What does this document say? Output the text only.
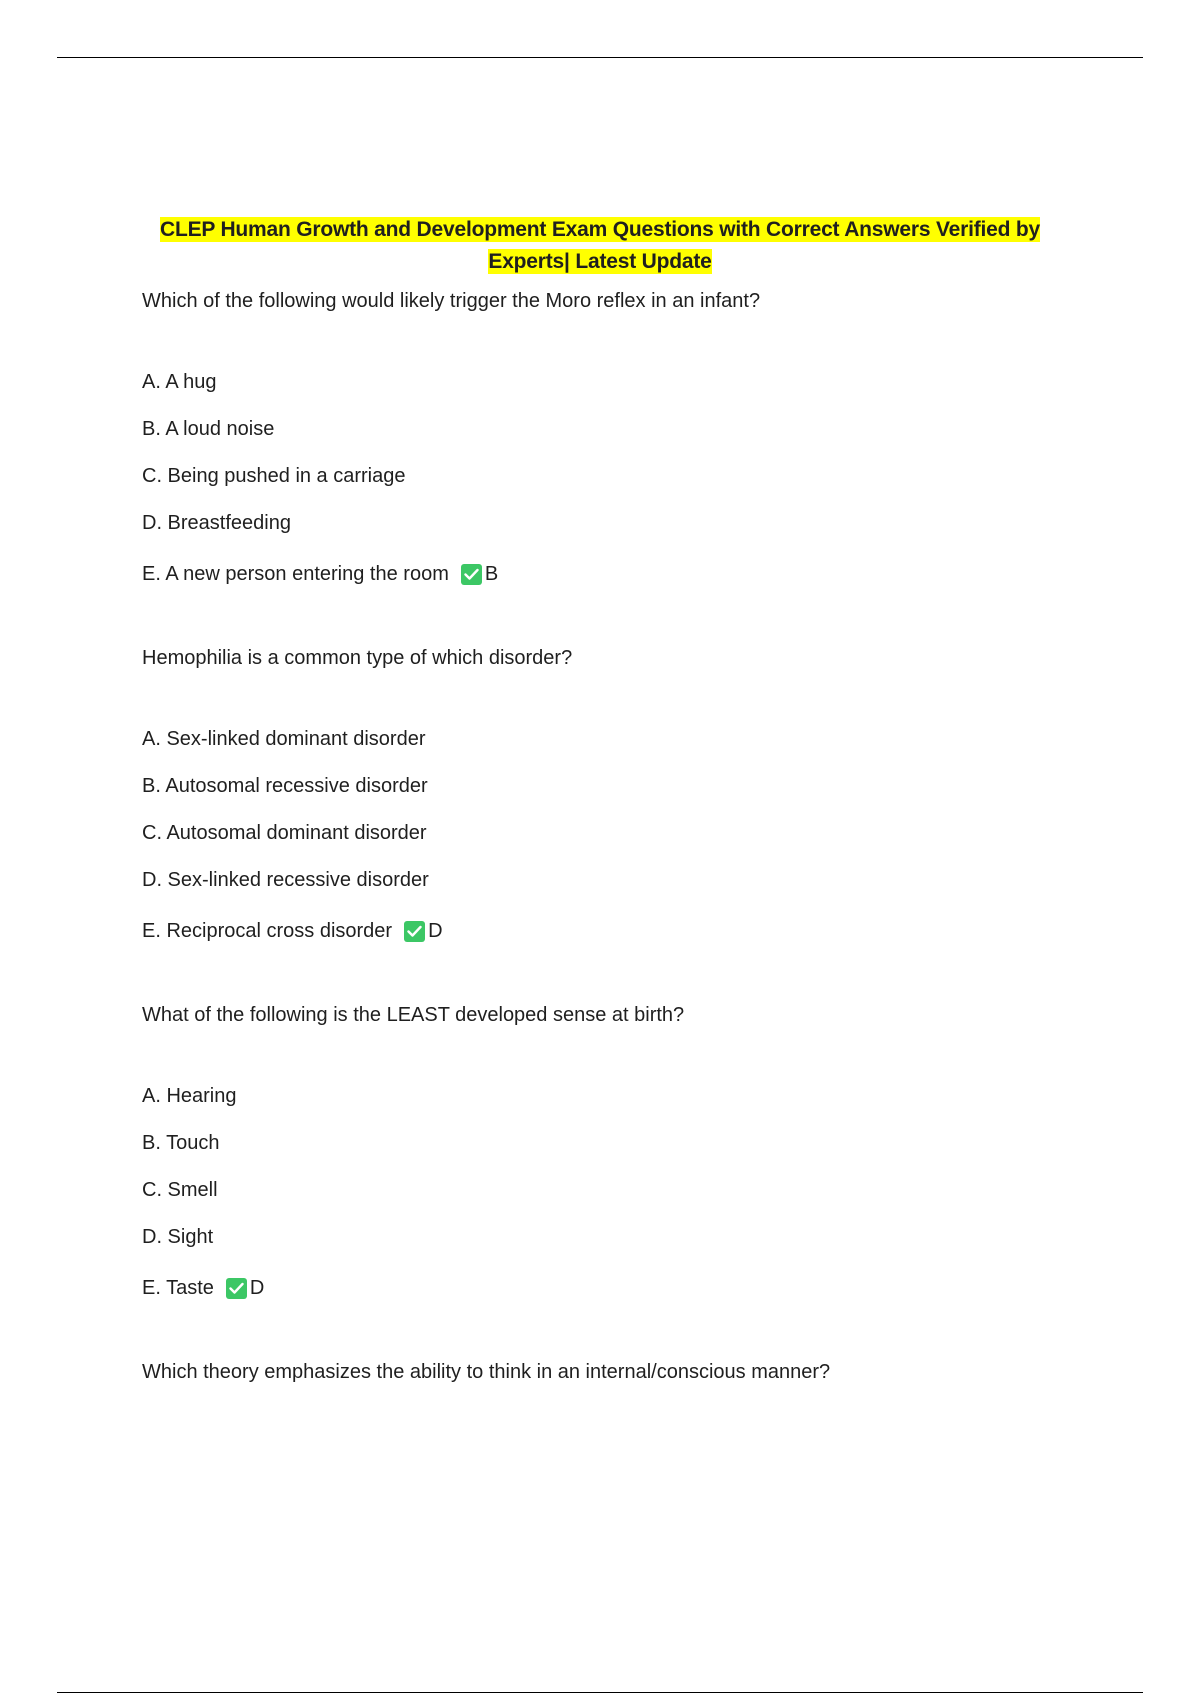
CLEP Human Growth and Development Exam Questions with Correct Answers Verified by Experts| Latest Update
Which of the following would likely trigger the Moro reflex in an infant?
A. A hug
B. A loud noise
C. Being pushed in a carriage
D. Breastfeeding
E. A new person entering the room B
Hemophilia is a common type of which disorder?
A. Sex-linked dominant disorder
B. Autosomal recessive disorder
C. Autosomal dominant disorder
D. Sex-linked recessive disorder
E. Reciprocal cross disorder D
What of the following is the LEAST developed sense at birth?
A. Hearing
B. Touch
C. Smell
D. Sight
E. Taste D
Which theory emphasizes the ability to think in an internal/conscious manner?
